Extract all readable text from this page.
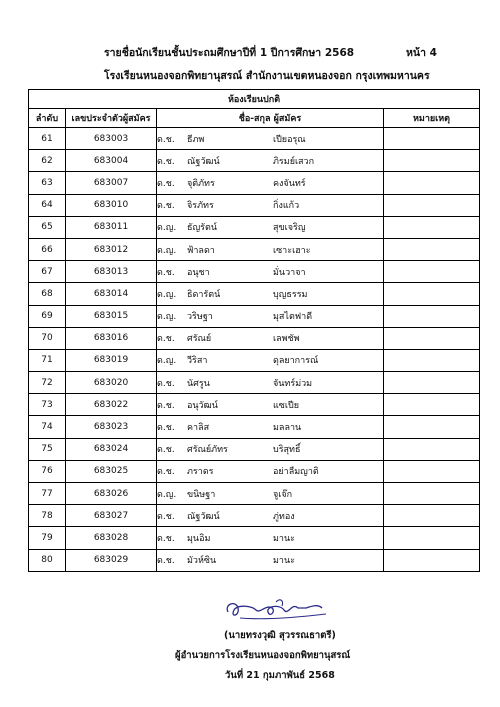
รายชื่อนักเรียนชั้นประถมศึกษาปีที่ 1 ปีการศึกษา 2568	หน้า 4
โรงเรียนหนองจอกพิทยานุสรณ์ สำนักงานเขตหนองจอก กรุงเทพมหานคร
ห้องเรียนปกติ			
ลำดับ	เลขประจำตัวผู้สมัคร	ชื่อ-สกุล ผู้สมัคร	หมายเหตุ
61	683003	ด.ช. ธีภพ เปียอรุณ	
62	683004	ด.ช. ณัฐวัฒน์ ภิรมย์เสวก	
63	683007	ด.ช. จุติภัทร คงจันทร์	
64	683010	ด.ช. จิรภัทร กิ่งแก้ว	
65	683011	ด.ญ. ธัญรัตน์ สุขเจริญ	
66	683012	ด.ญ. ฟ้าลดา เซาะเฮาะ	
67	683013	ด.ช. อนุชา มั่นวาจา	
68	683014	ด.ญ. ธิดารัตน์ บุญธรรม	
69	683015	ด.ญ. วริษฐา มุสไตฟาดี	
70	683016	ด.ช. ศรัณย์ เลพชัพ	
71	683019	ด.ญ. วีริสา ดุลยาการณ์	
72	683020	ด.ช. นัศรูน จันทร์ม่วม	
73	683022	ด.ช. อนุวัฒน์ แซเปีย	
74	683023	ด.ช. คาลิส มลลาน	
75	683024	ด.ช. ศรัณย์ภัทร บริสุทธิ์	
76	683025	ด.ช. ภราดร อย่าลืมญาติ	
77	683026	ด.ญ. ขนิษฐา จูเจ๊ก	
78	683027	ด.ช. ณัฐวัฒน์ ภู่ทอง	
79	683028	ด.ช. มุนอิม มานะ	
80	683029	ด.ช. มัวห์ซิน มานะ	
(นายทรงวุฒิ สุวรรณธาตรี)
ผู้อำนวยการโรงเรียนหนองจอกพิทยานุสรณ์
วันที่ 21 กุมภาพันธ์ 2568
